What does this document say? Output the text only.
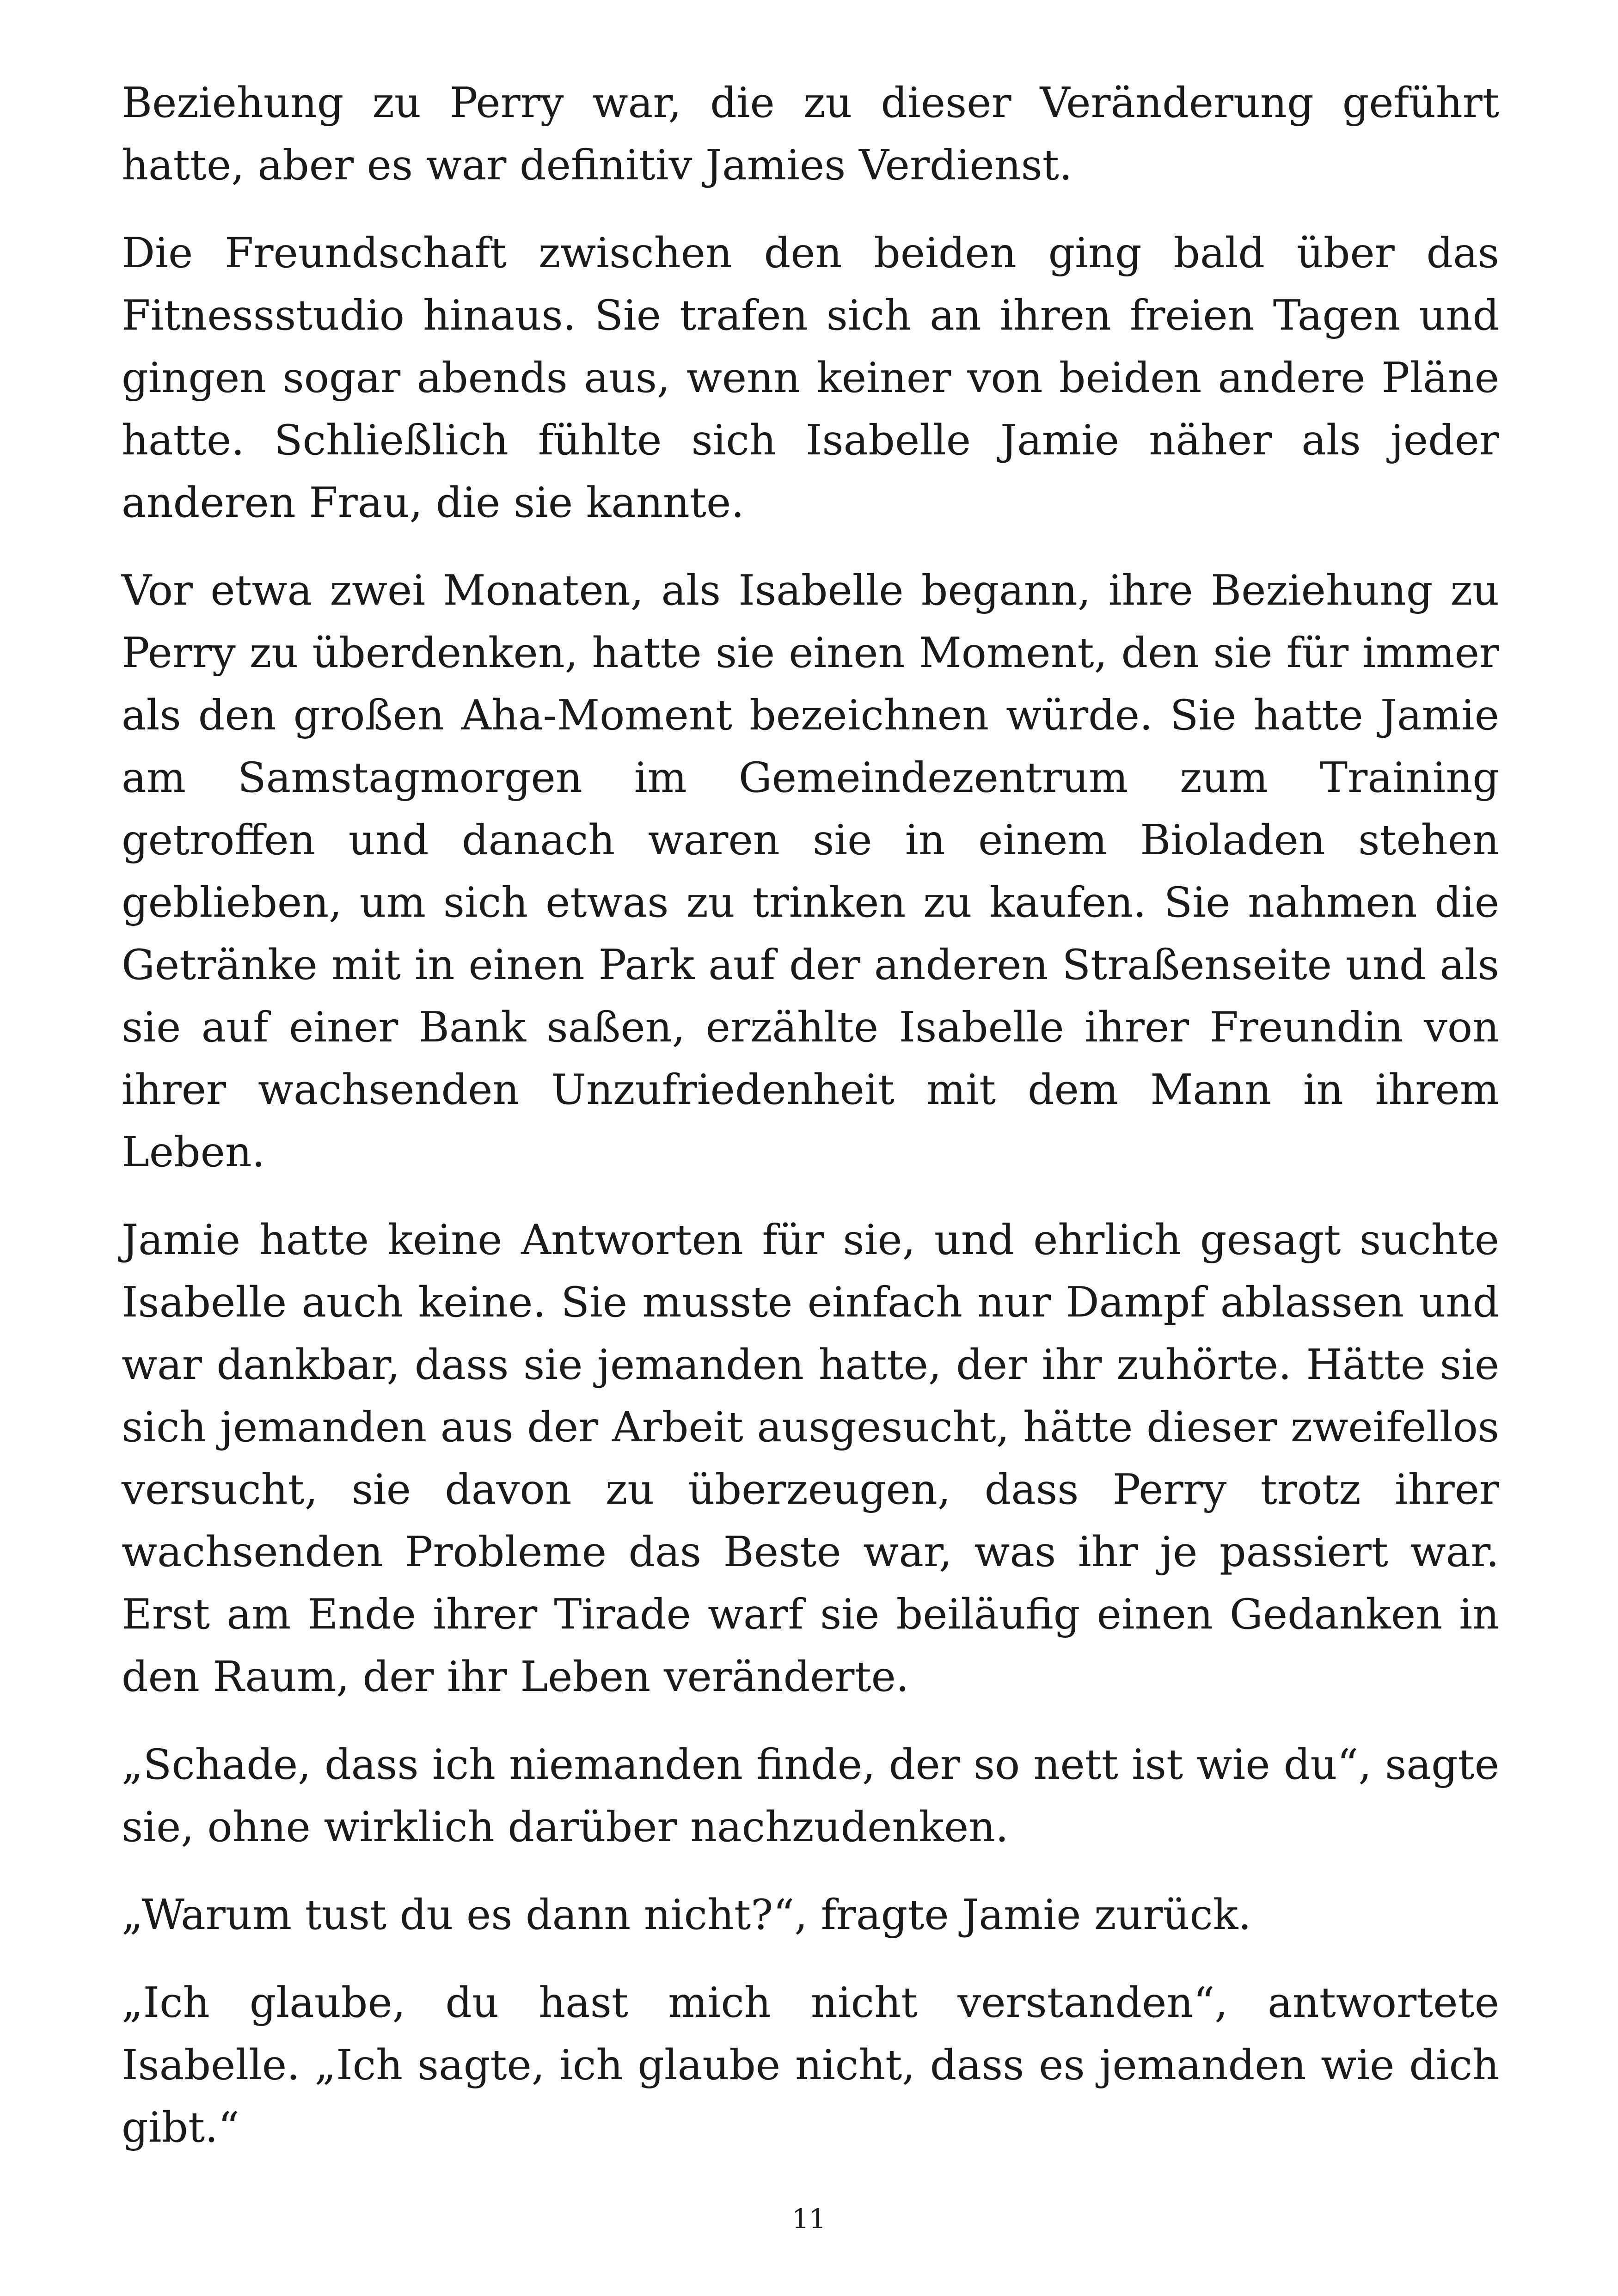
Beziehung zu Perry war, die zu dieser Veränderung geführt hatte, aber es war definitiv Jamies Verdienst.

Die Freundschaft zwischen den beiden ging bald über das Fitnessstudio hinaus. Sie trafen sich an ihren freien Tagen und gingen sogar abends aus, wenn keiner von beiden andere Pläne hatte. Schließlich fühlte sich Isabelle Jamie näher als jeder anderen Frau, die sie kannte.

Vor etwa zwei Monaten, als Isabelle begann, ihre Beziehung zu Perry zu überdenken, hatte sie einen Moment, den sie für immer als den großen Aha-Moment bezeichnen würde. Sie hatte Jamie am Samstagmorgen im Gemeindezentrum zum Training getroffen und danach waren sie in einem Bioladen stehen geblieben, um sich etwas zu trinken zu kaufen. Sie nahmen die Getränke mit in einen Park auf der anderen Straßenseite und als sie auf einer Bank saßen, erzählte Isabelle ihrer Freundin von ihrer wachsenden Unzufriedenheit mit dem Mann in ihrem Leben.

Jamie hatte keine Antworten für sie, und ehrlich gesagt suchte Isabelle auch keine. Sie musste einfach nur Dampf ablassen und war dankbar, dass sie jemanden hatte, der ihr zuhörte. Hätte sie sich jemanden aus der Arbeit ausgesucht, hätte dieser zweifellos versucht, sie davon zu überzeugen, dass Perry trotz ihrer wachsenden Probleme das Beste war, was ihr je passiert war. Erst am Ende ihrer Tirade warf sie beiläufig einen Gedanken in den Raum, der ihr Leben veränderte.

„Schade, dass ich niemanden finde, der so nett ist wie du“, sagte sie, ohne wirklich darüber nachzudenken.

„Warum tust du es dann nicht?“, fragte Jamie zurück.

„Ich glaube, du hast mich nicht verstanden“, antwortete Isabelle. „Ich sagte, ich glaube nicht, dass es jemanden wie dich gibt.“

11
